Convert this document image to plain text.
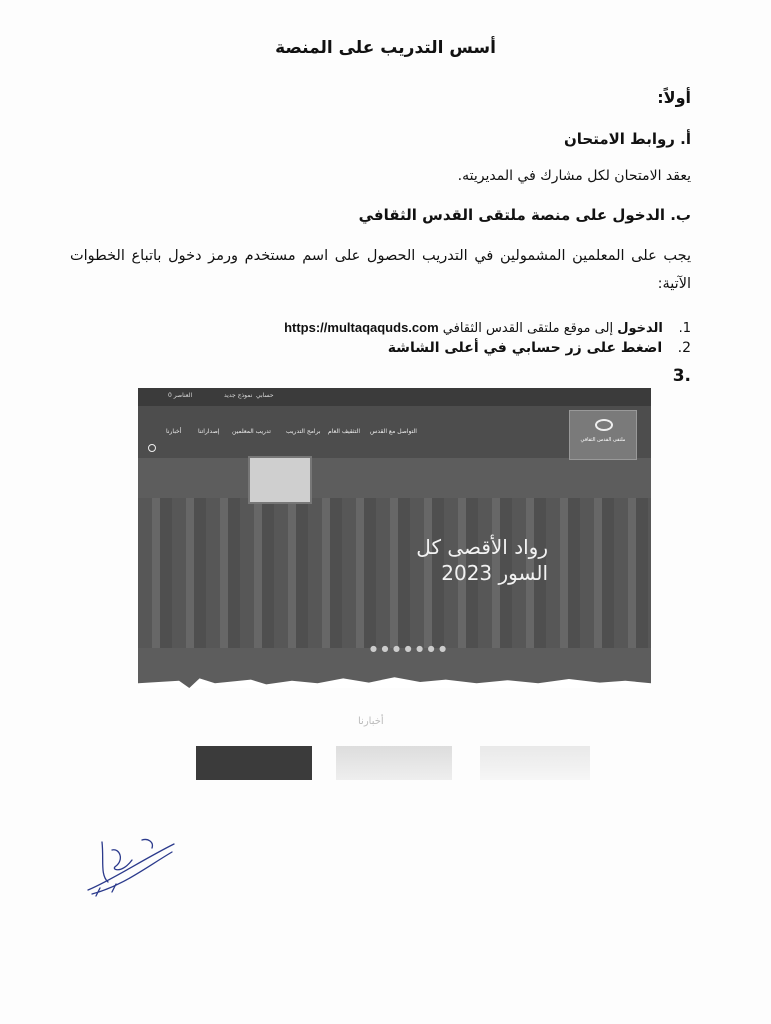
أسس التدريب على المنصة
أولاً:
أ. روابط الامتحان
يعقد الامتحان لكل مشارك في المديريته.
ب. الدخول على منصة ملتقى القدس الثقافي
يجب على المعلمين المشمولين في التدريب الحصول على اسم مستخدم ورمز دخول باتباع الخطوات الآتية:
1. الدخول إلى موقع ملتقى القدس الثقافي https://multaqaquds.com
2. اضغط على زر حسابي في أعلى الشاشة
.3
حسابي
نموذج جديد
0 العناصر
التواصل مع القدس
التثقيف العام
برامج التدريب
تدريب المعلمين
إصداراتنا
أخبارنا
ملتقى القدس الثقافي
رواد الأقصى كل
السور 2023
● ● ● ● ● ● ●
أخبارنا
